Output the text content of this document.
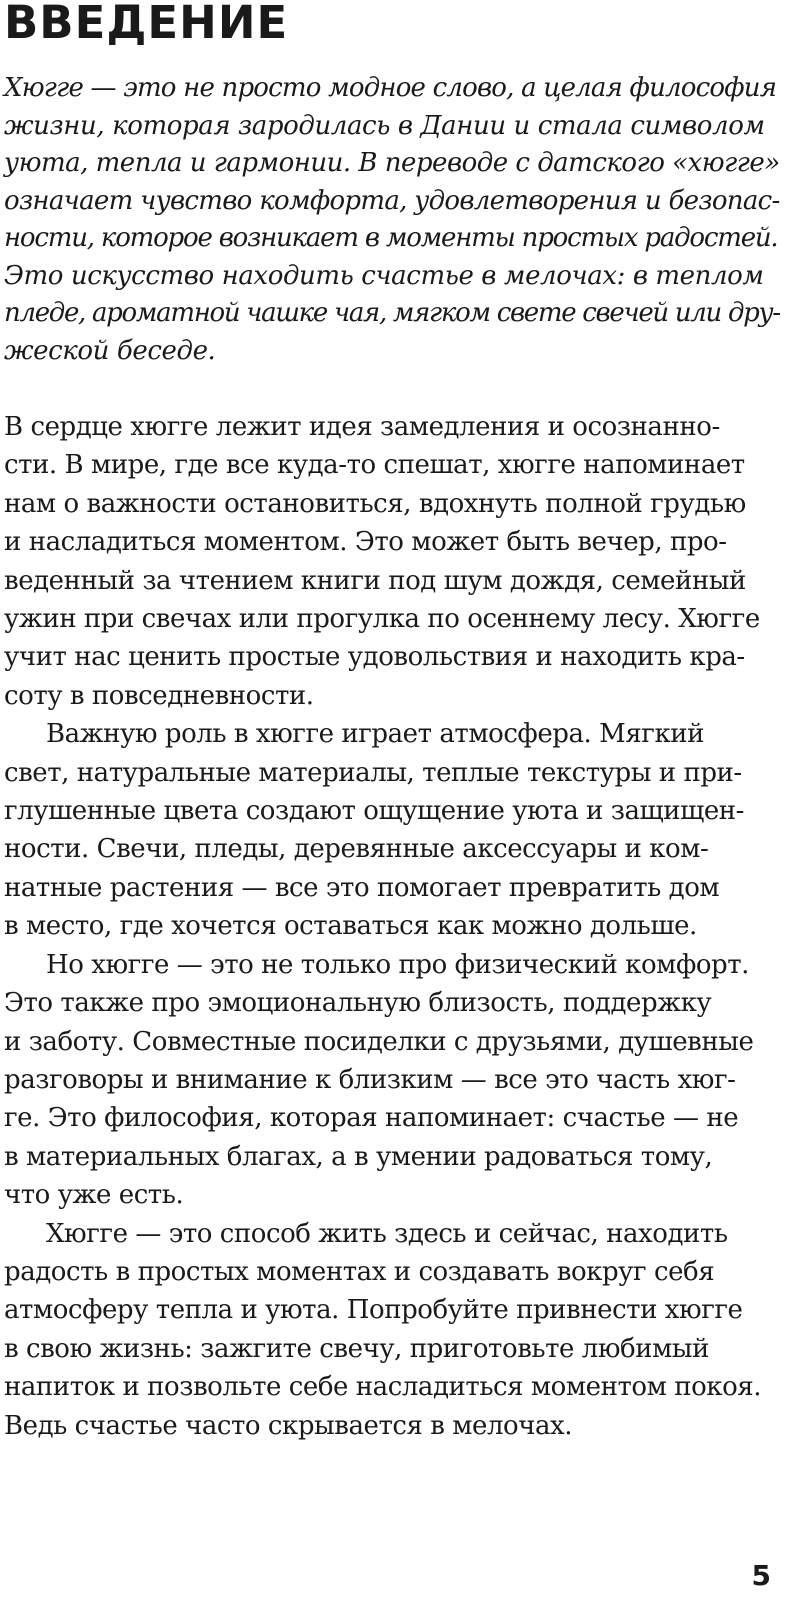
ВВЕДЕНИЕ
Хюгге — это не просто модное слово, а целая философия
жизни, которая зародилась в Дании и стала символом
уюта, тепла и гармонии. В переводе с датского «хюгге»
означает чувство комфорта, удовлетворения и безопас-
ности, которое возникает в моменты простых радостей.
Это искусство находить счастье в мелочах: в теплом
пледе, ароматной чашке чая, мягком свете свечей или дру-
жеской беседе.

В сердце хюгге лежит идея замедления и осознанно-
сти. В мире, где все куда-то спешат, хюгге напоминает
нам о важности остановиться, вдохнуть полной грудью
и насладиться моментом. Это может быть вечер, про-
веденный за чтением книги под шум дождя, семейный
ужин при свечах или прогулка по осеннему лесу. Хюгге
учит нас ценить простые удовольствия и находить кра-
соту в повседневности.

Важную роль в хюгге играет атмосфера. Мягкий
свет, натуральные материалы, теплые текстуры и при-
глушенные цвета создают ощущение уюта и защищен-
ности. Свечи, пледы, деревянные аксессуары и ком-
натные растения — все это помогает превратить дом
в место, где хочется оставаться как можно дольше.

Но хюгге — это не только про физический комфорт.
Это также про эмоциональную близость, поддержку
и заботу. Совместные посиделки с друзьями, душевные
разговоры и внимание к близким — все это часть хюг-
ге. Это философия, которая напоминает: счастье — не
в материальных благах, а в умении радоваться тому,
что уже есть.

Хюгге — это способ жить здесь и сейчас, находить
радость в простых моментах и создавать вокруг себя
атмосферу тепла и уюта. Попробуйте привнести хюгге
в свою жизнь: зажгите свечу, приготовьте любимый
напиток и позвольте себе насладиться моментом покоя.
Ведь счастье часто скрывается в мелочах.

5
